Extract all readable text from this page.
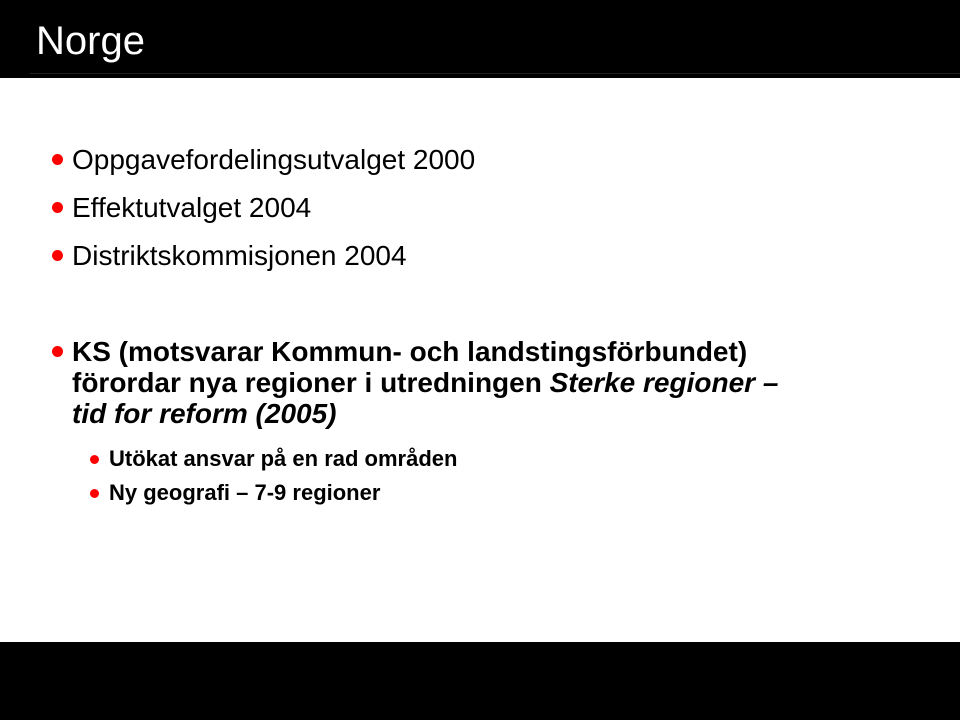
Norge
Oppgavefordelingsutvalget 2000
Effektutvalget 2004
Distriktskommisjonen 2004
KS (motsvarar Kommun- och landstingsförbundet)
förordar nya regioner i utredningen Sterke regioner –
tid for reform (2005)
Utökat ansvar på en rad områden
Ny geografi – 7-9 regioner
